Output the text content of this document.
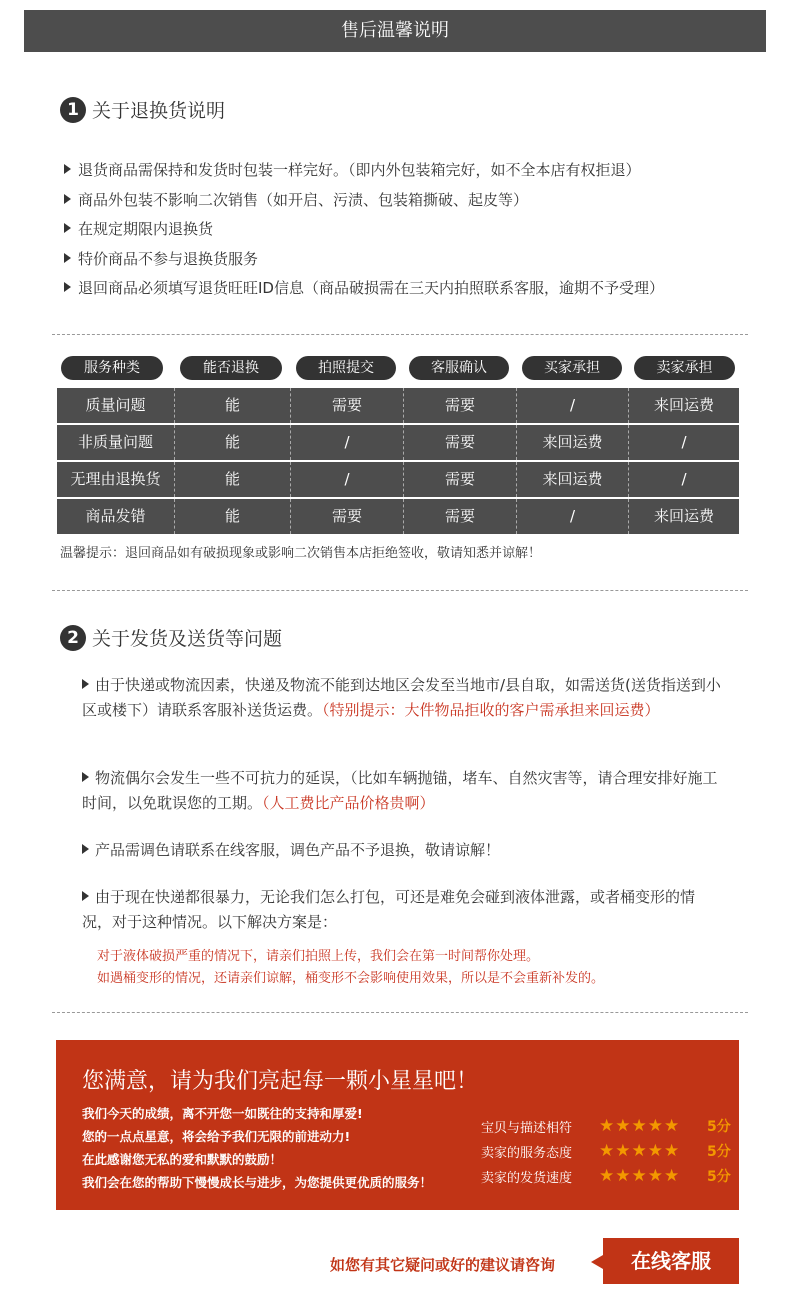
售后温馨说明
1 关于退换货说明
退货商品需保持和发货时包装一样完好。（即内外包装箱完好，如不全本店有权拒退）
商品外包装不影响二次销售（如开启、污渍、包装箱撕破、起皮等）
在规定期限内退换货
特价商品不参与退换货服务
退回商品必须填写退货旺旺ID信息（商品破损需在三天内拍照联系客服，逾期不予受理）
服务种类	能否退换	拍照提交	客服确认	买家承担	卖家承担
质量问题	能	需要	需要	/	来回运费
非质量问题	能	/	需要	来回运费	/
无理由退换货	能	/	需要	来回运费	/
商品发错	能	需要	需要	/	来回运费
温馨提示：退回商品如有破损现象或影响二次销售本店拒绝签收，敬请知悉并谅解！
2 关于发货及送货等问题
由于快递或物流因素，快递及物流不能到达地区会发至当地市/县自取，如需送货(送货指送到小区或楼下）请联系客服补送货运费。（特别提示：大件物品拒收的客户需承担来回运费）
物流偶尔会发生一些不可抗力的延误，（比如车辆抛锚，堵车、自然灾害等，请合理安排好施工时间，以免耽误您的工期。（人工费比产品价格贵啊）
产品需调色请联系在线客服，调色产品不予退换，敬请谅解！
由于现在快递都很暴力，无论我们怎么打包，可还是难免会碰到液体泄露，或者桶变形的情况，对于这种情况。以下解决方案是：
对于液体破损严重的情况下，请亲们拍照上传，我们会在第一时间帮你处理。
如遇桶变形的情况，还请亲们谅解，桶变形不会影响使用效果，所以是不会重新补发的。
您满意，请为我们亮起每一颗小星星吧！
我们今天的成绩，离不开您一如既往的支持和厚爱!
您的一点点星意，将会给予我们无限的前进动力!
在此感谢您无私的爱和默默的鼓励！
我们会在您的帮助下慢慢成长与进步，为您提供更优质的服务！
宝贝与描述相符	★★★★★	5分
卖家的服务态度	★★★★★	5分
卖家的发货速度	★★★★★	5分
如您有其它疑问或好的建议请咨询	在线客服
